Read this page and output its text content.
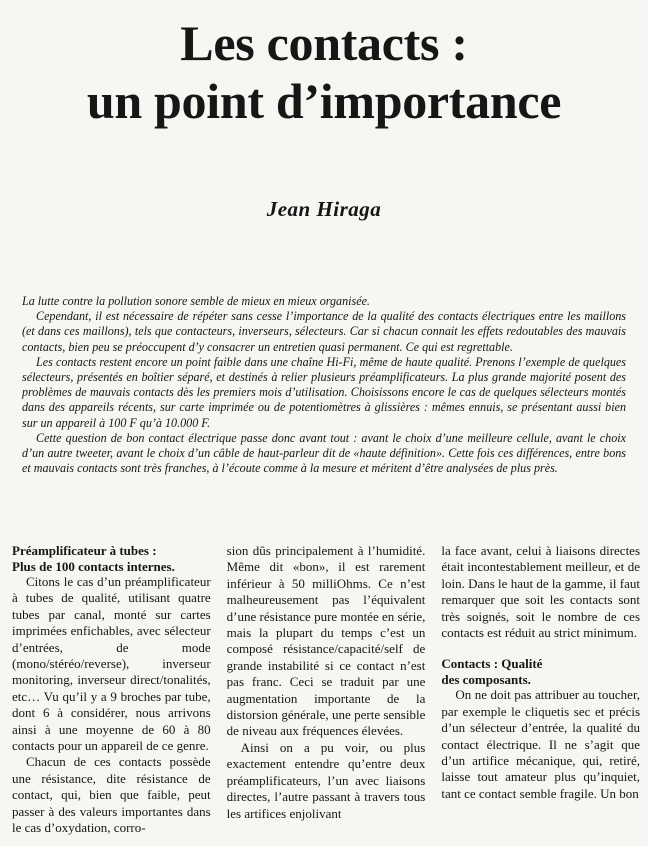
Les contacts :
un point d’importance
Jean Hiraga

La lutte contre la pollution sonore semble de mieux en mieux organisée.

Cependant, il est nécessaire de répéter sans cesse l’importance de la qualité des contacts électriques entre les maillons (et dans ces maillons), tels que contacteurs, inverseurs, sélecteurs. Car si chacun connait les effets redoutables des mauvais contacts, bien peu se préoccupent d’y consacrer un entretien quasi permanent. Ce qui est regrettable.

Les contacts restent encore un point faible dans une chaîne Hi-Fi, même de haute qualité. Prenons l’exemple de quelques sélecteurs, présentés en boîtier séparé, et destinés à relier plusieurs préamplificateurs. La plus grande majorité posent des problèmes de mauvais contacts dès les premiers mois d’utilisation. Choisissons encore le cas de quelques sélecteurs montés dans des appareils récents, sur carte imprimée ou de potentiomètres à glissières : mêmes ennuis, se présentant aussi bien sur un appareil à 100 F qu’à 10.000 F.

Cette question de bon contact électrique passe donc avant tout : avant le choix d’une meilleure cellule, avant le choix d’un autre tweeter, avant le choix d’un câble de haut-parleur dit de «haute définition». Cette fois ces différences, entre bons et mauvais contacts sont très franches, à l’écoute comme à la mesure et méritent d’être analysées de plus près.

Préamplificateur à tubes :
Plus de 100 contacts internes.

Citons le cas d’un préamplificateur à tubes de qualité, utilisant quatre tubes par canal, monté sur cartes imprimées enfichables, avec sélecteur d’entrées, de mode (mono/stéréo/reverse), inverseur monitoring, inverseur direct/tonalités, etc… Vu qu’il y a 9 broches par tube, dont 6 à considérer, nous arrivons ainsi à une moyenne de 60 à 80 contacts pour un appareil de ce genre.

Chacun de ces contacts possède une résistance, dite résistance de contact, qui, bien que faible, peut passer à des valeurs importantes dans le cas d’oxydation, corro-

sion dûs principalement à l’humidité. Même dit «bon», il est rarement inférieur à 50 milliOhms. Ce n’est malheureusement pas l’équivalent d’une résistance pure montée en série, mais la plupart du temps c’est un composé résistance/capacité/self de grande instabilité si ce contact n’est pas franc. Ceci se traduit par une augmentation importante de la distorsion générale, une perte sensible de niveau aux fréquences élevées.

Ainsi on a pu voir, ou plus exactement entendre qu’entre deux préamplificateurs, l’un avec liaisons directes, l’autre passant à travers tous les artifices enjolivant

la face avant, celui à liaisons directes était incontestablement meilleur, et de loin. Dans le haut de la gamme, il faut remarquer que soit les contacts sont très soignés, soit le nombre de ces contacts est réduit au strict minimum.

Contacts : Qualité
des composants.

On ne doit pas attribuer au toucher, par exemple le cliquetis sec et précis d’un sélecteur d’entrée, la qualité du contact électrique. Il ne s’agit que d’un artifice mécanique, qui, retiré, laisse tout amateur plus qu’inquiet, tant ce contact semble fragile. Un bon
